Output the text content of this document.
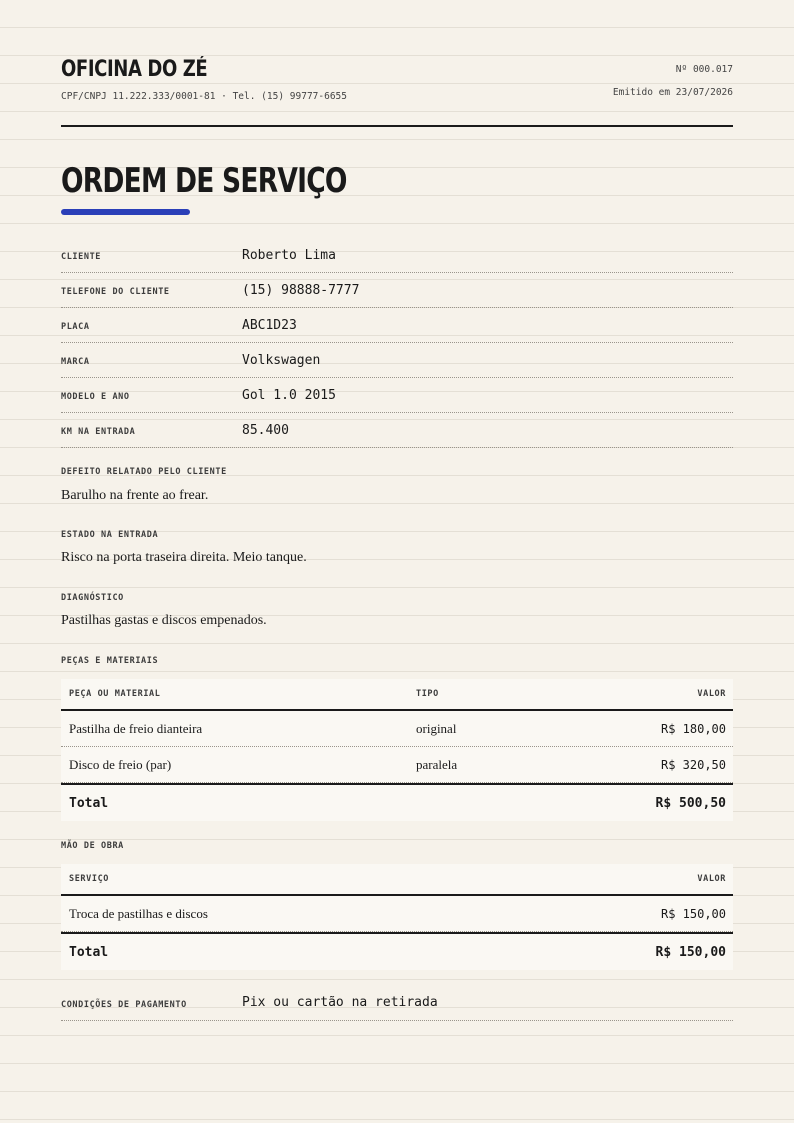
OFICINA DO ZÉ
CPF/CNPJ 11.222.333/0001-81 · Tel. (15) 99777-6655
Nº 000.017
Emitido em 23/07/2026
ORDEM DE SERVIÇO
CLIENTE	Roberto Lima
TELEFONE DO CLIENTE	(15) 98888-7777
PLACA	ABC1D23
MARCA	Volkswagen
MODELO E ANO	Gol 1.0 2015
KM NA ENTRADA	85.400
DEFEITO RELATADO PELO CLIENTE
Barulho na frente ao frear.
ESTADO NA ENTRADA
Risco na porta traseira direita. Meio tanque.
DIAGNÓSTICO
Pastilhas gastas e discos empenados.
PEÇAS E MATERIAIS
PEÇA OU MATERIAL	TIPO	VALOR
Pastilha de freio dianteira	original	R$ 180,00
Disco de freio (par)	paralela	R$ 320,50
Total	R$ 500,50
MÃO DE OBRA
SERVIÇO	VALOR
Troca de pastilhas e discos	R$ 150,00
Total	R$ 150,00
CONDIÇÕES DE PAGAMENTO	Pix ou cartão na retirada
